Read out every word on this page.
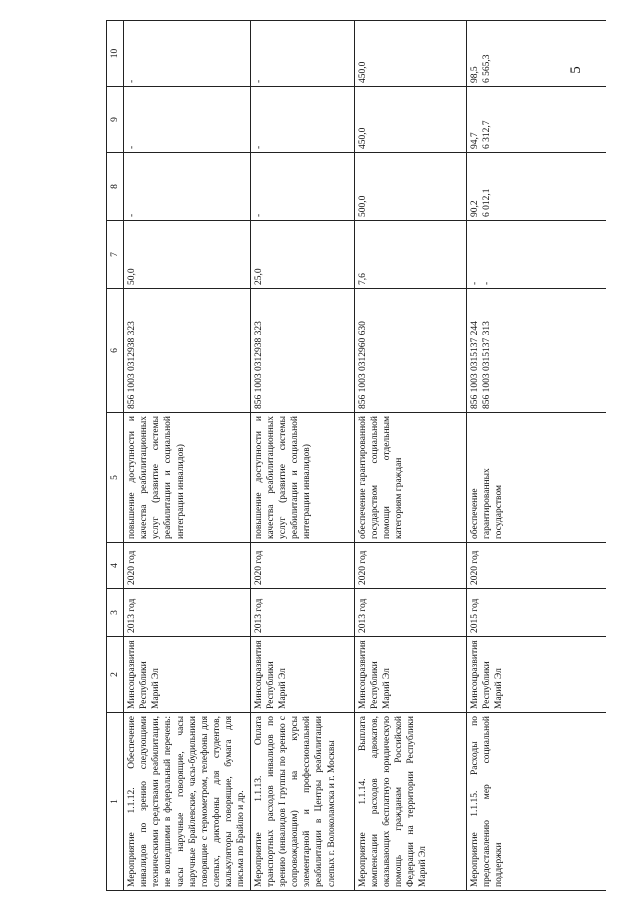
5
1	2	3	4	5	6	7	8	9	10
Мероприятие 1.1.12. Обеспечение инвалидов по зрению следующими техническими средствами реабилитации, не вошедшими в федеральный перечень: часы наручные говорящие, часы наручные Брайлевские, часы-будильники говорящие с термометром, телефоны для слепых, диктофоны для студентов, калькуляторы говорящие, бумага для письма по Брайлю и др.	Минсоцразвития Республики Марий Эл	2013 год	2020 год	повышение доступности и качества реабилитационных услуг (развитие системы реабилитации и социальной интеграции инвалидов)	856 1003 0312938 323	50,0	-	-	-

Мероприятие 1.1.13. Оплата транспортных расходов инвалидов по зрению (инвалидов I группы по зрению с сопровождающим) на курсы элементарной и профессиональной реабилитации в Центры реабилитации слепых г. Волоколамска и г. Москвы	Минсоцразвития Республики Марий Эл	2013 год	2020 год	повышение доступности и качества реабилитационных услуг (развитие системы реабилитации и социальной интеграции инвалидов)	856 1003 0312938 323	25,0	-	-	-

Мероприятие 1.1.14. Выплата компенсации расходов адвокатов, оказывающих бесплатную юридическую помощь гражданам Российской Федерации на территории Республики Марий Эл	Минсоцразвития Республики Марий Эл	2013 год	2020 год	обеспечение гарантированной государством социальной помощи отдельным категориям граждан	856 1003 0312960 630	7,6	500,0	450,0	450,0

Мероприятие 1.1.15. Расходы по предоставлению мер социальной поддержки	Минсоцразвития Республики Марий Эл	2015 год	2020 год	обеспечение гарантированных государством	856 1003 0315137 244 856 1003 0315137 313	- -	90,2 6 012,1	94,7 6 312,7	98,5 6 565,3
